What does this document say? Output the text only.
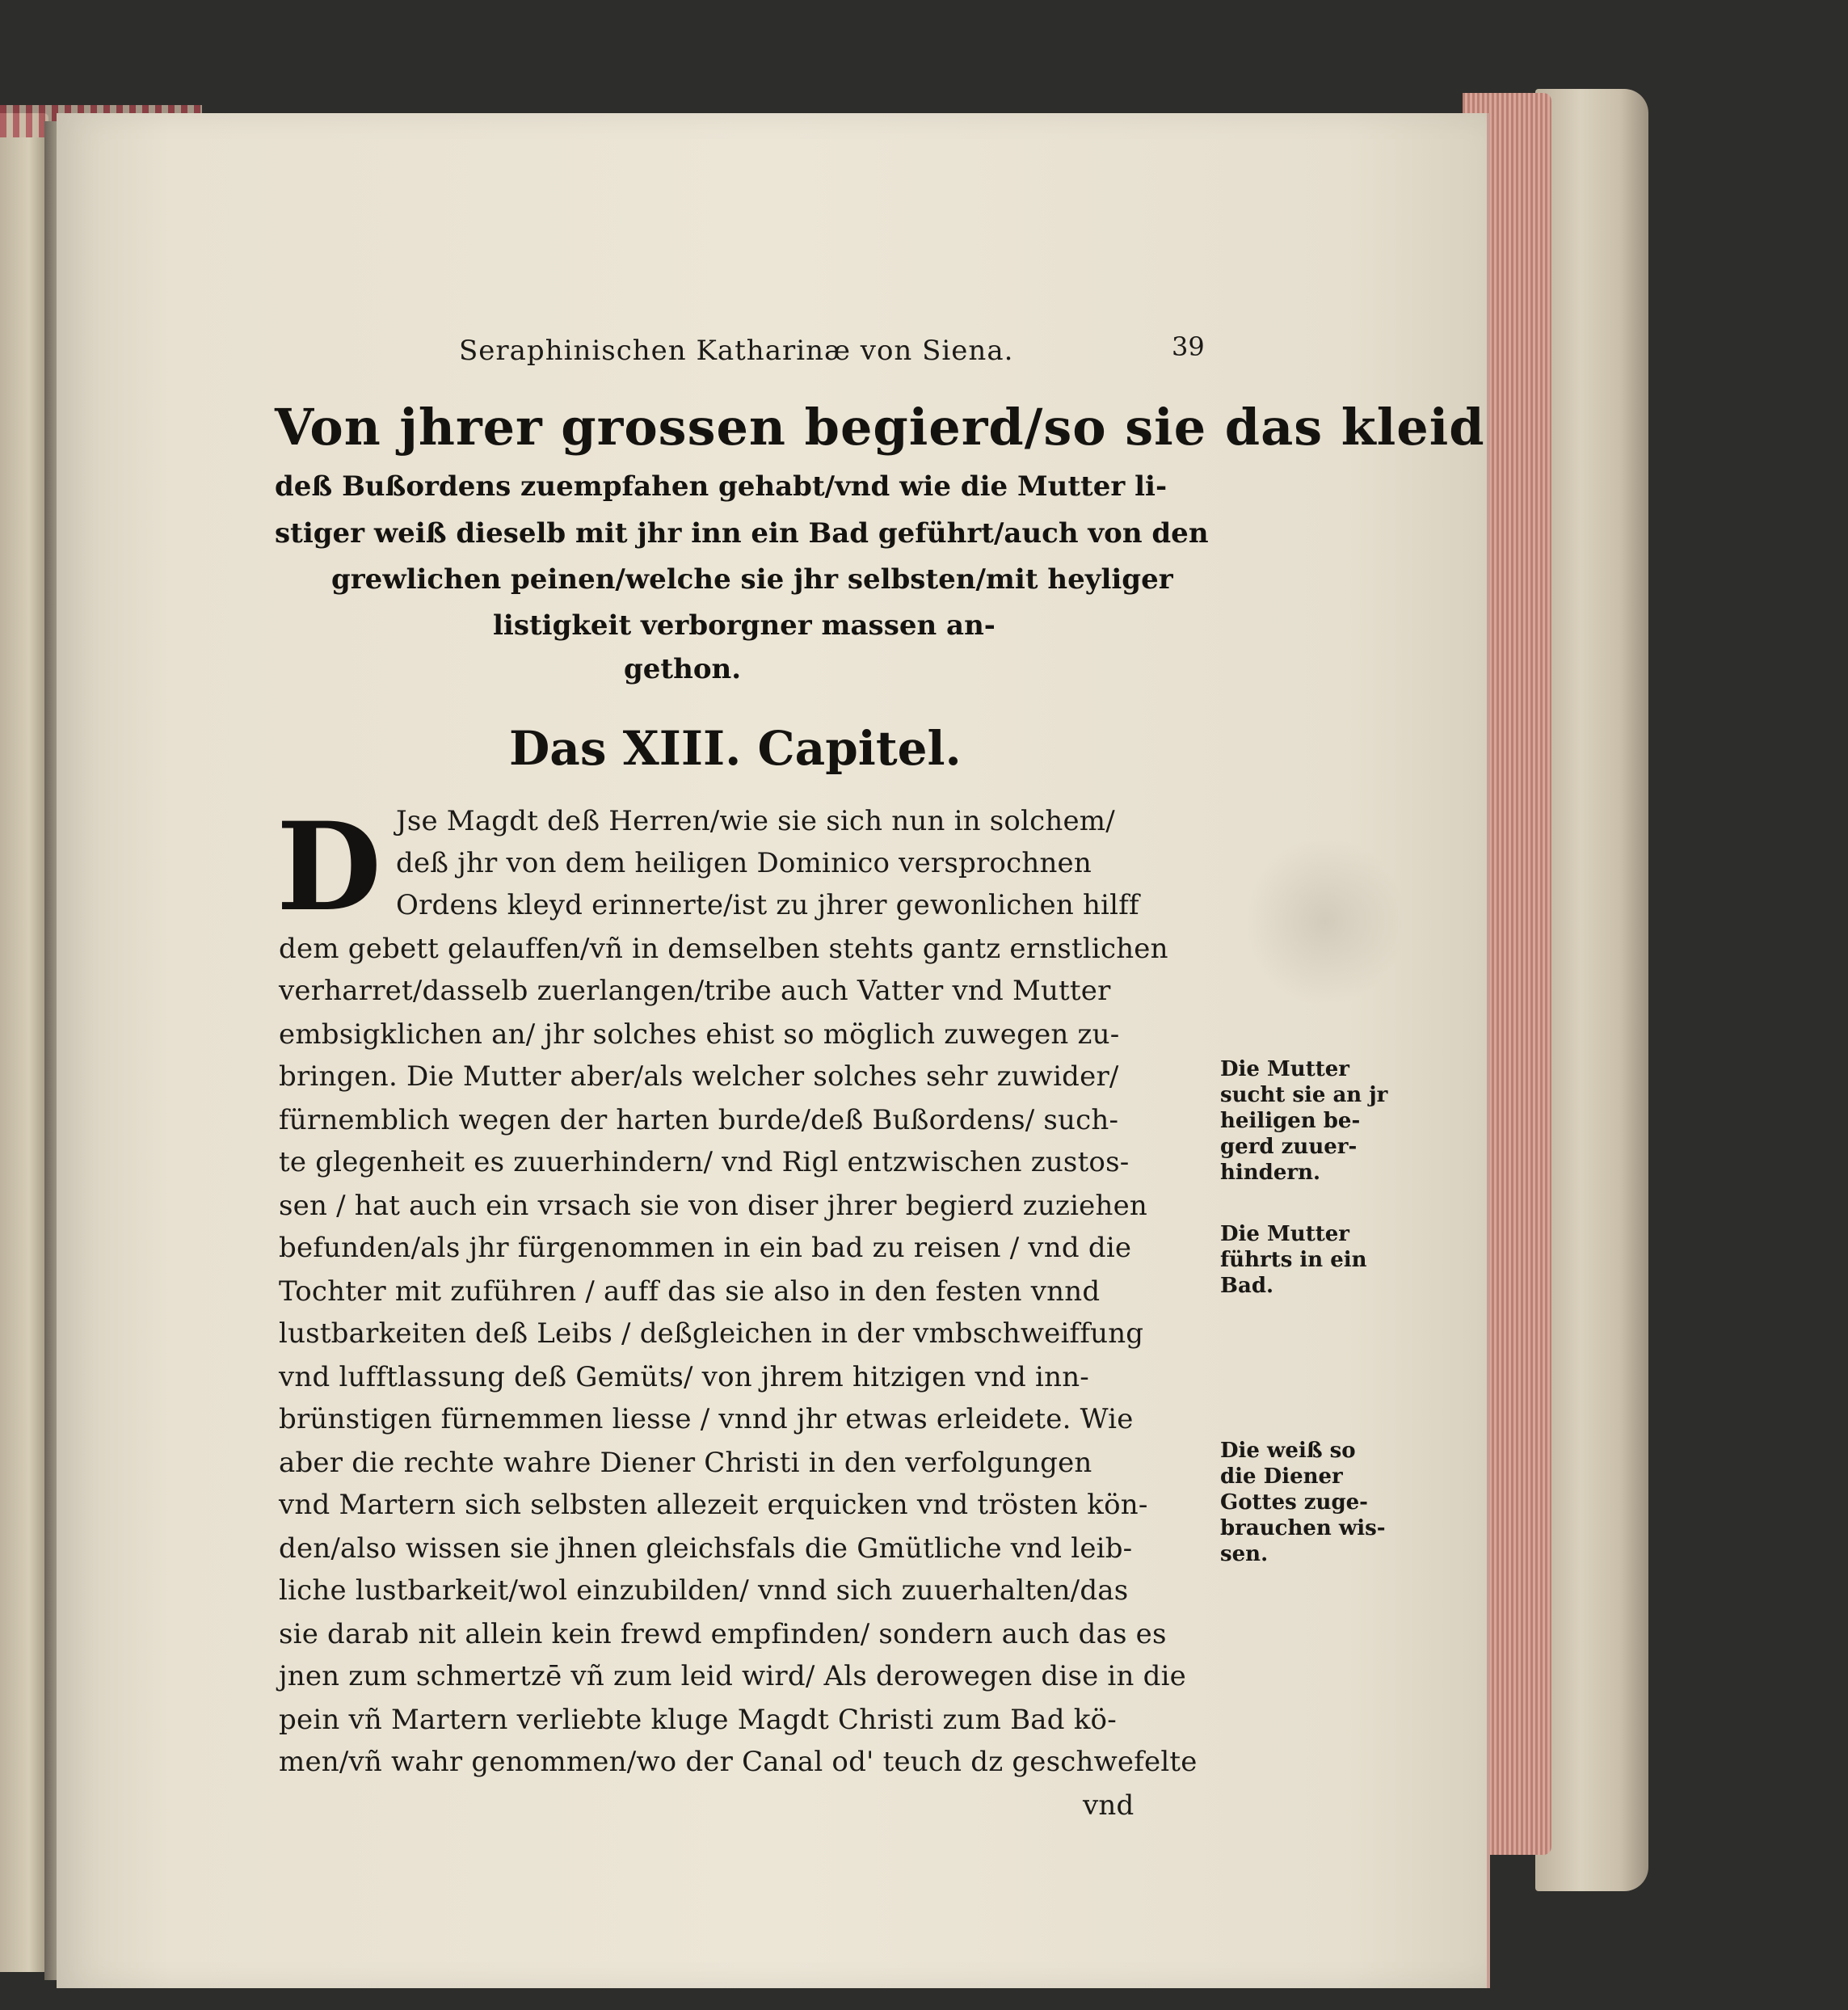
Seraphinischen Katharinæ von Siena.	39
Von jhrer grossen begierd/so sie das kleid
deß Bußordens zuempfahen gehabt/vnd wie die Mutter li-
stiger weiß dieselb mit jhr inn ein Bad geführt/auch von den
grewlichen peinen/welche sie jhr selbsten/mit heyliger
listigkeit verborgner massen an-
gethon.
Das XIII. Capitel.
D Jse Magdt deß Herren/wie sie sich nun in solchem/
deß jhr von dem heiligen Dominico versprochnen
Ordens kleyd erinnerte/ist zu jhrer gewonlichen hilff
dem gebett gelauffen/vñ in demselben stehts gantz ernstlichen
verharret/dasselb zuerlangen/tribe auch Vatter vnd Mutter
embsigklichen an/ jhr solches ehist so möglich zuwegen zu-
bringen. Die Mutter aber/als welcher solches sehr zuwider/
fürnemblich wegen der harten burde/deß Bußordens/ such-
te glegenheit es zuuerhindern/ vnd Rigl entzwischen zustos-
sen / hat auch ein vrsach sie von diser jhrer begierd zuziehen
befunden/als jhr fürgenommen in ein bad zu reisen / vnd die
Tochter mit zuführen / auff das sie also in den festen vnnd
lustbarkeiten deß Leibs / deßgleichen in der vmbschweiffung
vnd lufftlassung deß Gemüts/ von jhrem hitzigen vnd inn-
brünstigen fürnemmen liesse / vnnd jhr etwas erleidete. Wie
aber die rechte wahre Diener Christi in den verfolgungen
vnd Martern sich selbsten allezeit erquicken vnd trösten kön-
den/also wissen sie jhnen gleichsfals die Gmütliche vnd leib-
liche lustbarkeit/wol einzubilden/ vnnd sich zuuerhalten/das
sie darab nit allein kein frewd empfinden/ sondern auch das es
jnen zum schmertzē vñ zum leid wird/ Als derowegen dise in die
pein vñ Martern verliebte kluge Magdt Christi zum Bad kö-
men/vñ wahr genommen/wo der Canal od' teuch dz geschwefelte
vnd
Die Mutter
sucht sie an jr
heiligen be-
gerd zuuer-
hindern.
Die Mutter
führts in ein
Bad.
Die weiß so
die Diener
Gottes zuge-
brauchen wis-
sen.
